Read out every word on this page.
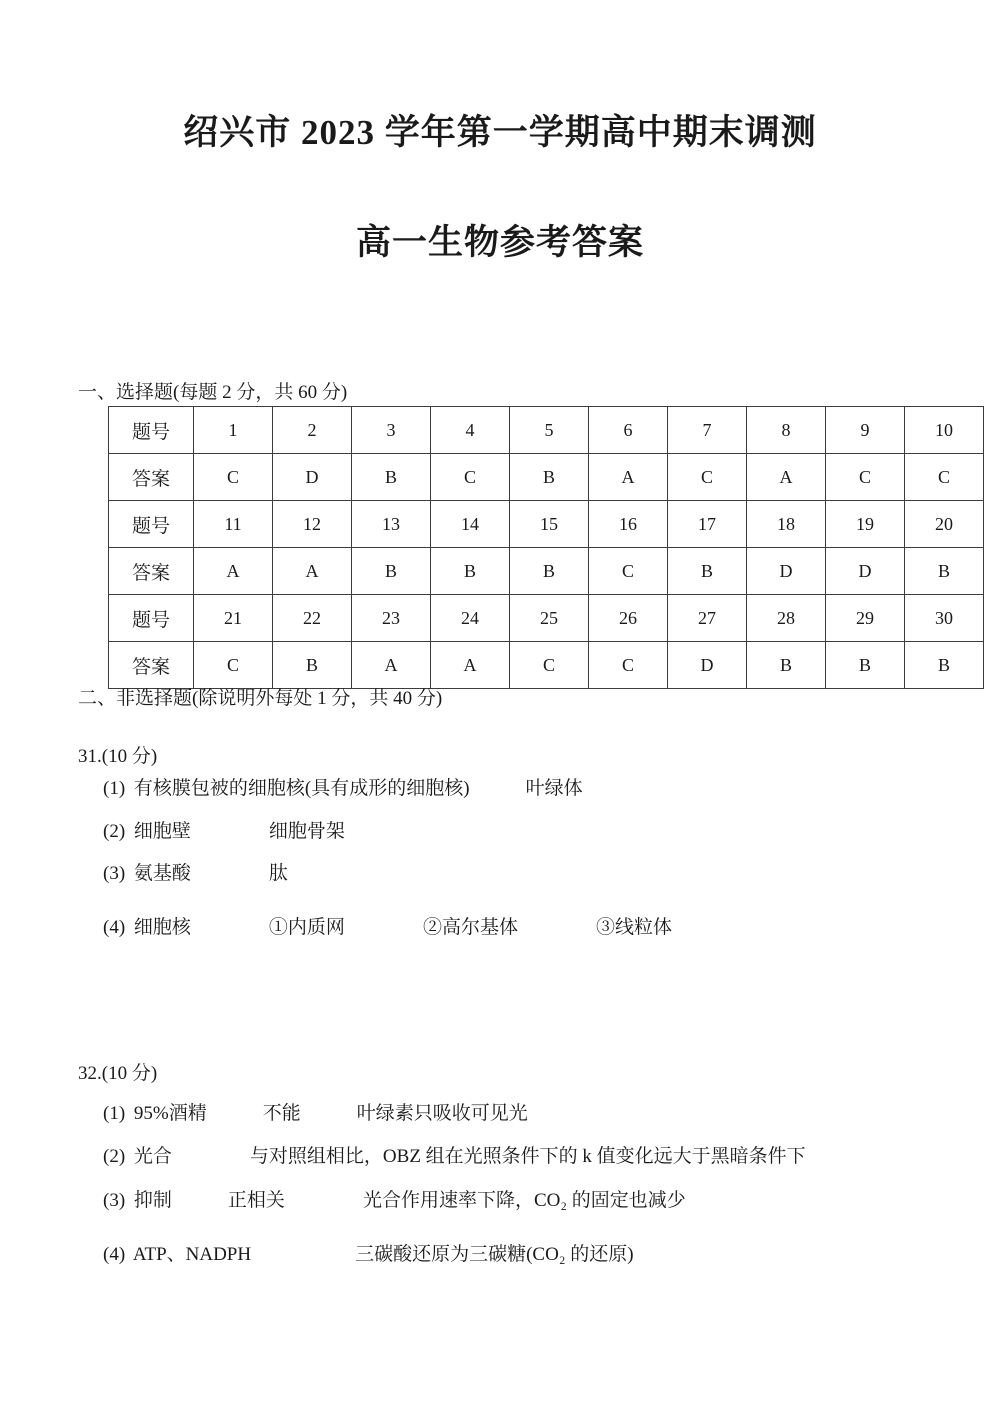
绍兴市 2023 学年第一学期高中期末调测
高一生物参考答案
一、选择题(每题 2 分，共 60 分)
题号	1	2	3	4	5	6	7	8	9	10
答案	C	D	B	C	B	A	C	A	C	C
题号	11	12	13	14	15	16	17	18	19	20
答案	A	A	B	B	B	C	B	D	D	B
题号	21	22	23	24	25	26	27	28	29	30
答案	C	B	A	A	C	C	D	B	B	B
二、非选择题(除说明外每处 1 分，共 40 分)
31.(10 分)
(1) 有核膜包被的细胞核(具有成形的细胞核)	叶绿体
(2) 细胞壁	细胞骨架
(3) 氨基酸	肽
(4) 细胞核	①内质网	②高尔基体	③线粒体
32.(10 分)
(1) 95%酒精	不能	叶绿素只吸收可见光
(2) 光合	与对照组相比，OBZ 组在光照条件下的 k 值变化远大于黑暗条件下
(3) 抑制	正相关	光合作用速率下降，CO₂ 的固定也减少
(4) ATP、NADPH	三碳酸还原为三碳糖(CO₂ 的还原)
